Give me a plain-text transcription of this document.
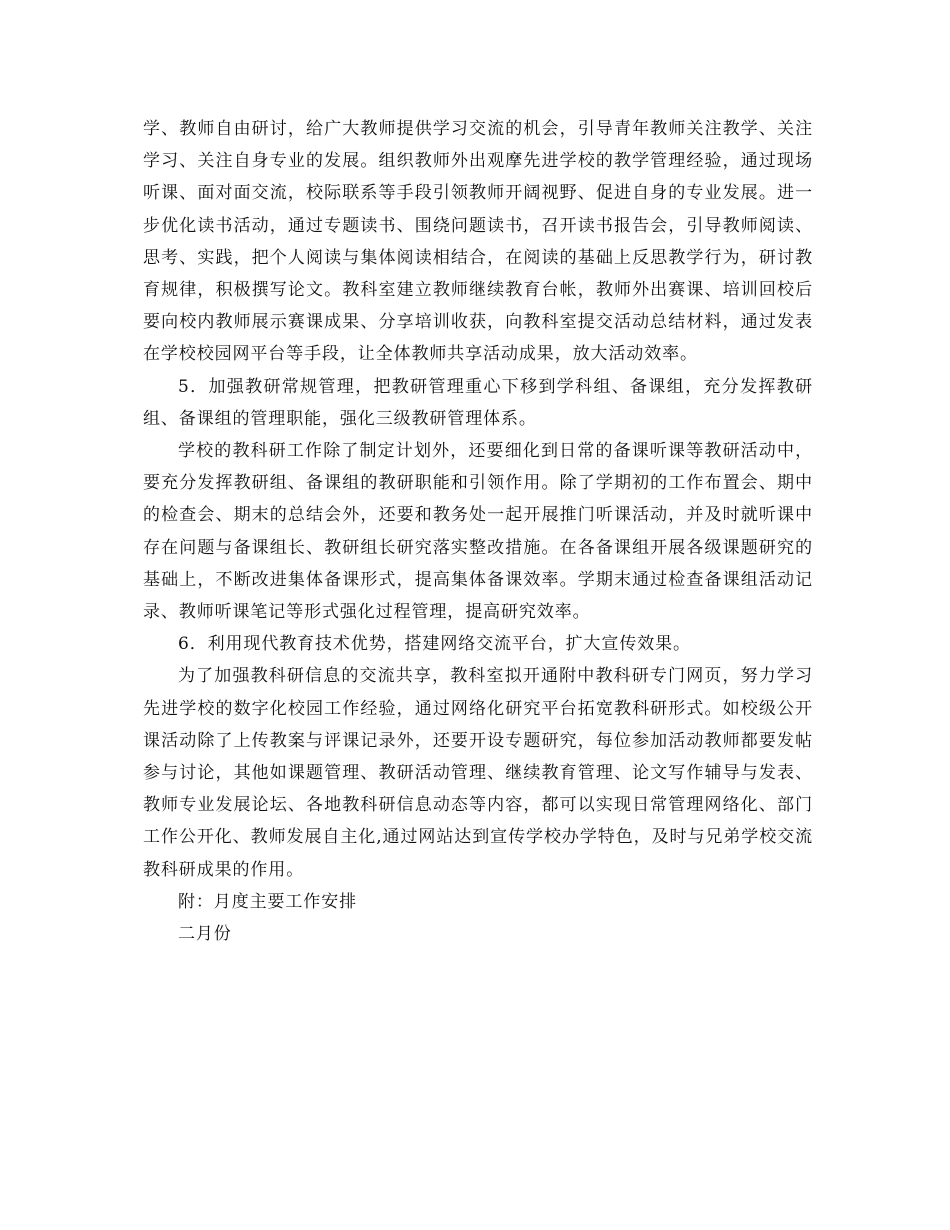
学、教师自由研讨，给广大教师提供学习交流的机会，引导青年教师关注教学、关注学习、关注自身专业的发展。组织教师外出观摩先进学校的教学管理经验，通过现场听课、面对面交流，校际联系等手段引领教师开阔视野、促进自身的专业发展。进一步优化读书活动，通过专题读书、围绕问题读书，召开读书报告会，引导教师阅读、思考、实践，把个人阅读与集体阅读相结合，在阅读的基础上反思教学行为，研讨教育规律，积极撰写论文。教科室建立教师继续教育台帐，教师外出赛课、培训回校后要向校内教师展示赛课成果、分享培训收获，向教科室提交活动总结材料，通过发表在学校校园网平台等手段，让全体教师共享活动成果，放大活动效率。

5．加强教研常规管理，把教研管理重心下移到学科组、备课组，充分发挥教研组、备课组的管理职能，强化三级教研管理体系。

学校的教科研工作除了制定计划外，还要细化到日常的备课听课等教研活动中，要充分发挥教研组、备课组的教研职能和引领作用。除了学期初的工作布置会、期中的检查会、期末的总结会外，还要和教务处一起开展推门听课活动，并及时就听课中存在问题与备课组长、教研组长研究落实整改措施。在各备课组开展各级课题研究的基础上，不断改进集体备课形式，提高集体备课效率。学期末通过检查备课组活动记录、教师听课笔记等形式强化过程管理，提高研究效率。

6．利用现代教育技术优势，搭建网络交流平台，扩大宣传效果。

为了加强教科研信息的交流共享，教科室拟开通附中教科研专门网页，努力学习先进学校的数字化校园工作经验，通过网络化研究平台拓宽教科研形式。如校级公开课活动除了上传教案与评课记录外，还要开设专题研究，每位参加活动教师都要发帖参与讨论，其他如课题管理、教研活动管理、继续教育管理、论文写作辅导与发表、教师专业发展论坛、各地教科研信息动态等内容，都可以实现日常管理网络化、部门工作公开化、教师发展自主化,通过网站达到宣传学校办学特色，及时与兄弟学校交流教科研成果的作用。

附：月度主要工作安排

二月份
